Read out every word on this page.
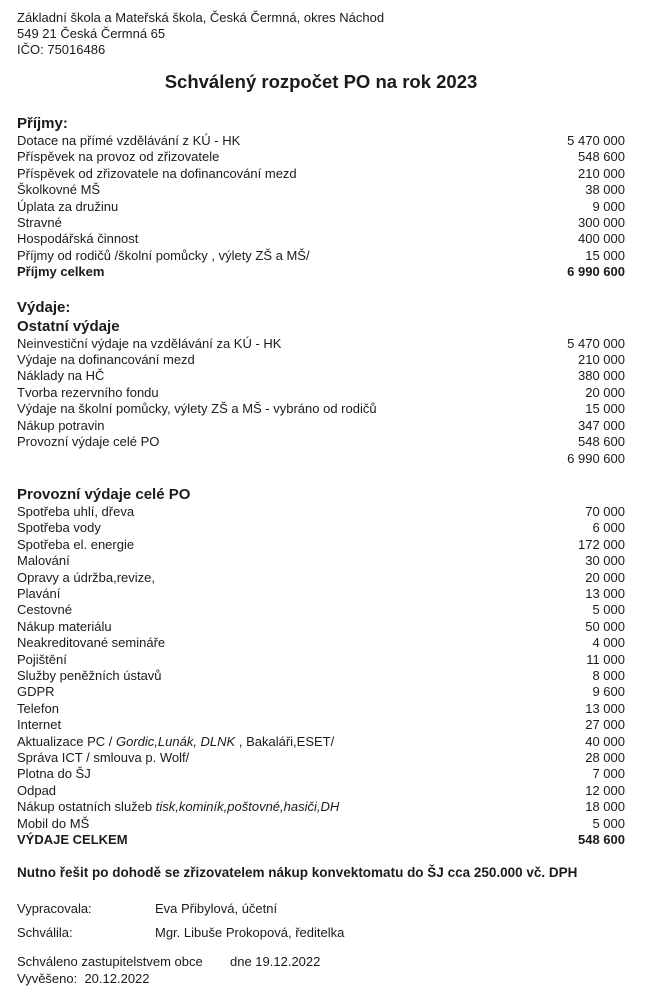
Základní škola a Mateřská škola, Česká Čermná, okres Náchod
549 21 Česká Čermná 65
IČO: 75016486
Schválený rozpočet PO na rok 2023
Příjmy:
Dotace na přímé vzdělávání z KÚ - HK	5 470 000
Příspěvek na provoz od zřizovatele	548 600
Příspěvek od zřizovatele na dofinancování mezd	210 000
Školkovné MŠ	38 000
Úplata za družinu	9 000
Stravné	300 000
Hospodářská činnost	400 000
Příjmy od rodičů /školní pomůcky , výlety ZŠ a MŠ/	15 000
Příjmy celkem	6 990 600
Výdaje:
Ostatní výdaje
Neinvestiční výdaje na vzdělávání za KÚ - HK	5 470 000
Výdaje na dofinancování mezd	210 000
Náklady na HČ	380 000
Tvorba rezervního fondu	20 000
Výdaje na školní pomůcky, výlety ZŠ a MŠ - vybráno od rodičů	15 000
Nákup potravin	347 000
Provozní výdaje celé PO	548 600
6 990 600
Provozní výdaje celé PO
Spotřeba uhlí, dřeva	70 000
Spotřeba vody	6 000
Spotřeba el. energie	172 000
Malování	30 000
Opravy a údržba,revize,	20 000
Plavání	13 000
Cestovné	5 000
Nákup materiálu	50 000
Neakreditované semináře	4 000
Pojištění	11 000
Služby peněžních ústavů	8 000
GDPR	9 600
Telefon	13 000
Internet	27 000
Aktualizace PC / Gordic,Lunák, DLNK , Bakaláři,ESET/	40 000
Správa ICT / smlouva p. Wolf/	28 000
Plotna do ŠJ	7 000
Odpad	12 000
Nákup ostatních služeb tisk,kominík,poštovné,hasiči,DH	18 000
Mobil do MŠ	5 000
VÝDAJE CELKEM	548 600
Nutno řešit po dohodě se zřizovatelem nákup konvektomatu do ŠJ cca 250.000 vč. DPH
Vypracovala:	Eva Přibylová, účetní
Schválila:	Mgr. Libuše Prokopová, ředitelka
Schváleno zastupitelstvem obce	dne 19.12.2022
Vyvěšeno:  20.12.2022
